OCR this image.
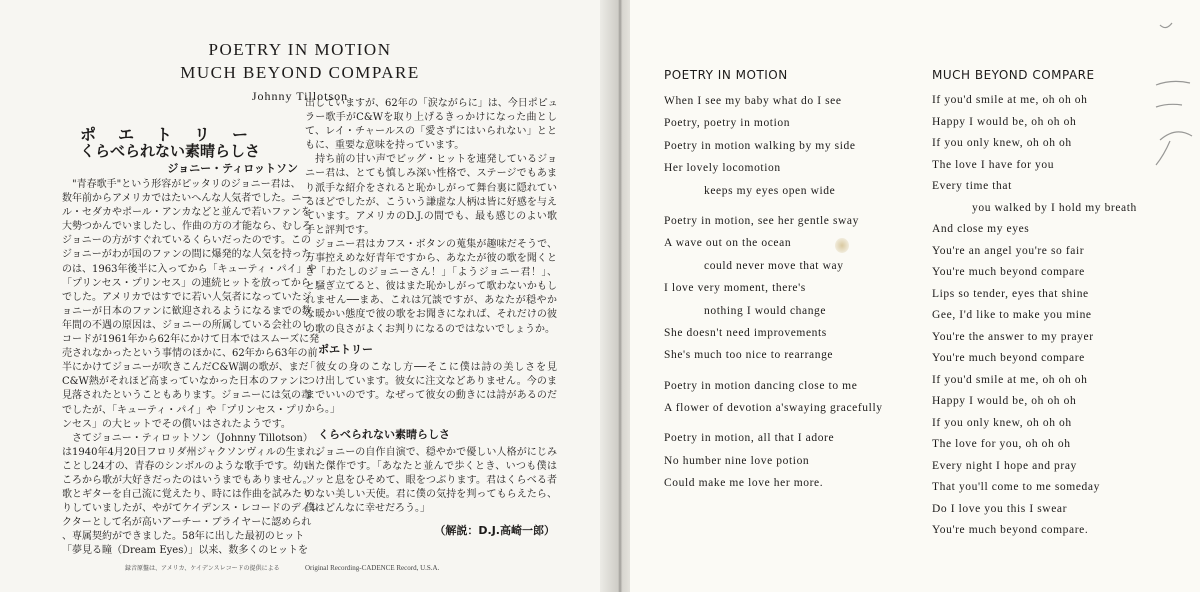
POETRY IN MOTION
MUCH BEYOND COMPARE
Johnny Tillotson
ポエトリー
くらべられない素晴らしさ
ジョニー・ティロットソン
　"青春歌手"という形容がピッタリのジョニー君は、
数年前からアメリカではたいへんな人気者でした。ニー
ル・セダカやポール・アンカなどと並んで若いファンを
大勢つかんでいましたし、作曲の方の才能なら、むしろ
ジョニーの方がすぐれているくらいだったのです。この
ジョニーがわが国のファンの間に爆発的な人気を持った
のは、1963年後半に入ってから「キューティ・パイ」や
「プリンセス・プリンセス」の連続ヒットを放ってから
でした。アメリカではすでに若い人気者になっていたジ
ョニーが日本のファンに歓迎されるようになるまでの数
年間の不遇の原因は、ジョニーの所属している会社のレ
コードが1961年から62年にかけて日本ではスムーズに発
売されなかったという事情のほかに、62年から63年の前
半にかけてジョニーが吹きこんだC&W調の歌が、まだ
C&W熱がそれほど高まっていなかった日本のファンに
見落されたということもあります。ジョニーには気の毒
でしたが、「キューティ・パイ」や「プリンセス・プリ
ンセス」の大ヒットでその償いはされたようです。
　さてジョニー・ティロットソン（Johnny Tillotson）
は1940年4月20日フロリダ州ジャクソンヴィルの生まれ。
ことし24才の、青春のシンボルのような歌手です。幼い
ころから歌が大好きだったのはいうまでもありません。
歌とギターを自己流に覚えたり、時には作曲を試みたり
りしていましたが、やがてケイデンス・レコードのディレ
クターとして名が高いアーチー・ブライヤーに認められ
、専属契約ができました。58年に出した最初のヒット
「夢見る瞳（Dream Eyes）」以来、数多くのヒットを
出していますが、62年の「涙ながらに」は、今日ポピュ
ラー歌手がC&Wを取り上げるきっかけになった曲とし
て、レイ・チャールスの「愛さずにはいられない」とと
もに、重要な意味を持っています。
　持ち前の甘い声でビッグ・ヒットを連発しているジョ
ニー君は、とても慎しみ深い性格で、ステージでもあま
り派手な紹介をされると恥かしがって舞台裏に隠れてい
るほどでしたが、こういう謙虚な人柄は皆に好感を与え
ています。アメリカのD.J.の間でも、最も感じのよい歌
手と評判です。
　ジョニー君はカフス・ボタンの蒐集が趣味だそうで、
万事控えめな好青年ですから、あなたが彼の歌を聞くと
き「わたしのジョニーさん！」「ようジョニー君！」、
と騒ぎ立てると、彼はまた恥かしがって歌わないかもし
れません──まあ、これは冗談ですが、あなたが穏やか
な暖かい態度で彼の歌をお聞きになれば、それだけの彼
の歌の良さがよくお判りになるのではないでしょうか。
ポエトリー
「彼女の身のこなし方──そこに僕は詩の美しさを見
つけ出しています。彼女に注文などありません。今のま
までいいのです。なぜって彼女の動きには詩があるのだ
から。」
くらべられない素晴らしさ
　ジョニーの自作自演で、穏やかで優しい人格がにじみ
出た傑作です。「あなたと並んで歩くとき、いつも僕は
ソッと息をひそめて、眼をつぶります。君はくらべる者
のない美しい天使。君に僕の気持を判ってもらえたら、
僕はどんなに幸せだろう。」
（解説：D.J.高崎一郎）
録音原盤は、アメリカ、ケイデンスレコードの提供による	Original Recording-CADENCE Record, U.S.A.
POETRY IN MOTION
When I see my baby what do I see
Poetry, poetry in motion
Poetry in motion walking by my side
Her lovely locomotion
keeps my eyes open wide
Poetry in motion, see her gentle sway
A wave out on the ocean
could never move that way
I love very moment, there's
nothing I would change
She doesn't need improvements
She's much too nice to rearrange
Poetry in motion dancing close to me
A flower of devotion a'swaying gracefully
Poetry in motion, all that I adore
No humber nine love potion
Could make me love her more.
MUCH BEYOND COMPARE
If you'd smile at me, oh oh oh
Happy I would be, oh oh oh
If you only knew, oh oh oh
The love I have for you
Every time that
you walked by I hold my breath
And close my eyes
You're an angel you're so fair
You're much beyond compare
Lips so tender, eyes that shine
Gee, I'd like to make you mine
You're the answer to my prayer
You're much beyond compare
If you'd smile at me, oh oh oh
Happy I would be, oh oh oh
If you only knew, oh oh oh
The love for you, oh oh oh
Every night I hope and pray
That you'll come to me someday
Do I love you this I swear
You're much beyond compare.
